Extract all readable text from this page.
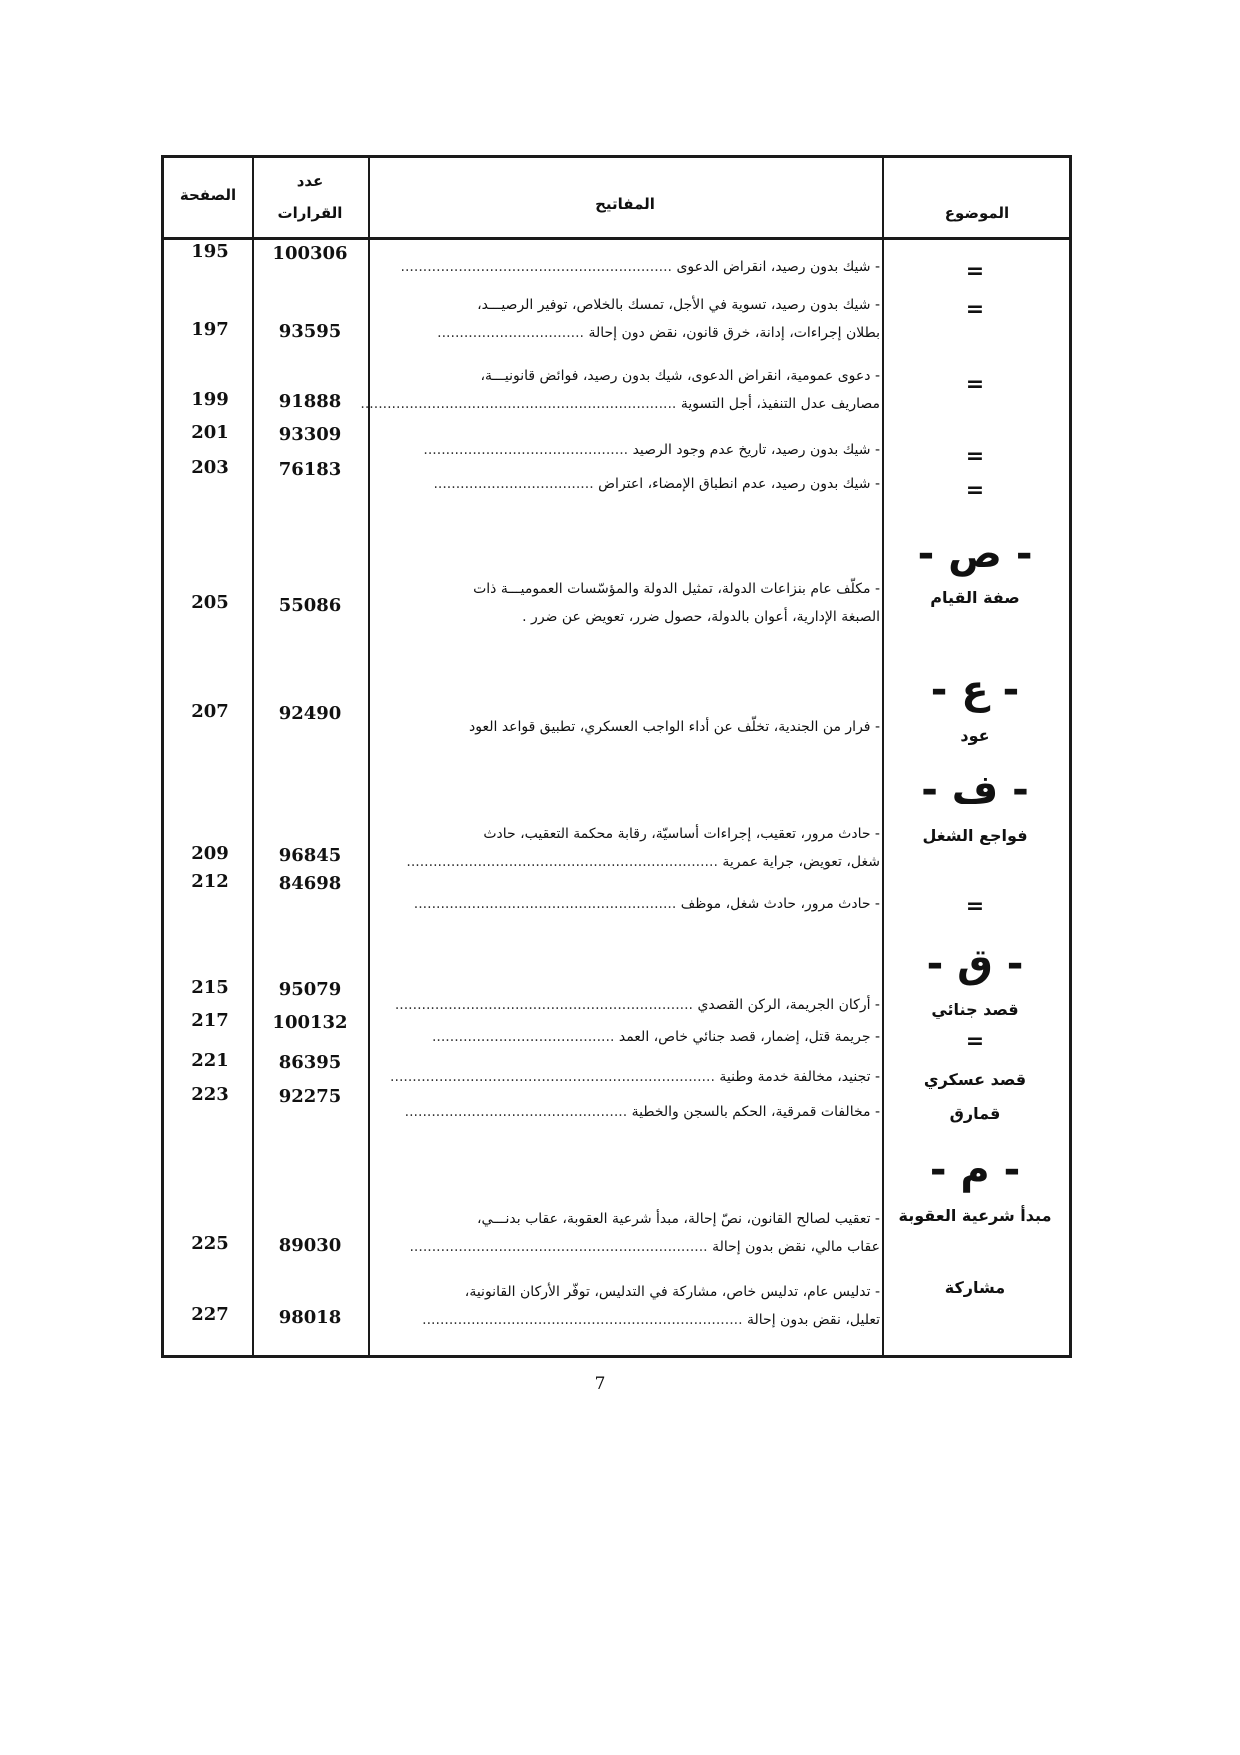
الصفحة
عدد
القرارات	المفاتيح	الموضوع
195
197
199
201
203
205
207
209
212
215
217
221
223
225
227
100306
93595
91888
93309
76183
55086
92490
96845
84698
95079
100132
86395
92275
89030
98018
- شيك بدون رصيد، انقراض الدعوى .............................................................
- شيك بدون رصيد، تسوية في الأجل، تمسك بالخلاص، توفير الرصيـــد،
بطلان إجراءات، إدانة، خرق قانون، نقض دون إحالة .................................
- دعوى عمومية، انقراض الدعوى، شيك بدون رصيد، فوائض قانونيـــة،
مصاريف عدل التنفيذ، أجل التسوية .......................................................................
- شيك بدون رصيد، تاريخ عدم وجود الرصيد ..............................................
- شيك بدون رصيد، عدم انطباق الإمضاء، اعتراض ....................................
- مكلّف عام بنزاعات الدولة، تمثيل الدولة والمؤسّسات العموميـــة ذات
الصبغة الإدارية، أعوان بالدولة، حصول ضرر، تعويض عن ضرر .
- فرار من الجندية، تخلّف عن أداء الواجب العسكري، تطبيق قواعد العود
- حادث مرور، تعقيب، إجراءات أساسيّة، رقابة محكمة التعقيب، حادث
شغل، تعويض، جراية عمرية ......................................................................
- حادث مرور، حادث شغل، موظف ...........................................................
- أركان الجريمة، الركن القصدي ...................................................................
- جريمة قتل، إضمار، قصد جنائي خاص، العمد .........................................
- تجنيد، مخالفة خدمة وطنية .........................................................................
- مخالفات قمرقية، الحكم بالسجن والخطية ..................................................
- تعقيب لصالح القانون، نصّ إحالة، مبدأ شرعية العقوبة، عقاب بدنـــي،
عقاب مالي، نقض بدون إحالة ...................................................................
- تدليس عام، تدليس خاص، مشاركة في التدليس، توفّر الأركان القانونية،
تعليل، نقض بدون إحالة ........................................................................
=
=
=
=
=
- ص -
صفة القيام
- ع -
عود
- ف -
فواجع الشغل
=
- ق -
قصد جنائي
=
قصد عسكري
قمارق
- م -
مبدأ شرعية العقوبة
مشاركة
7
